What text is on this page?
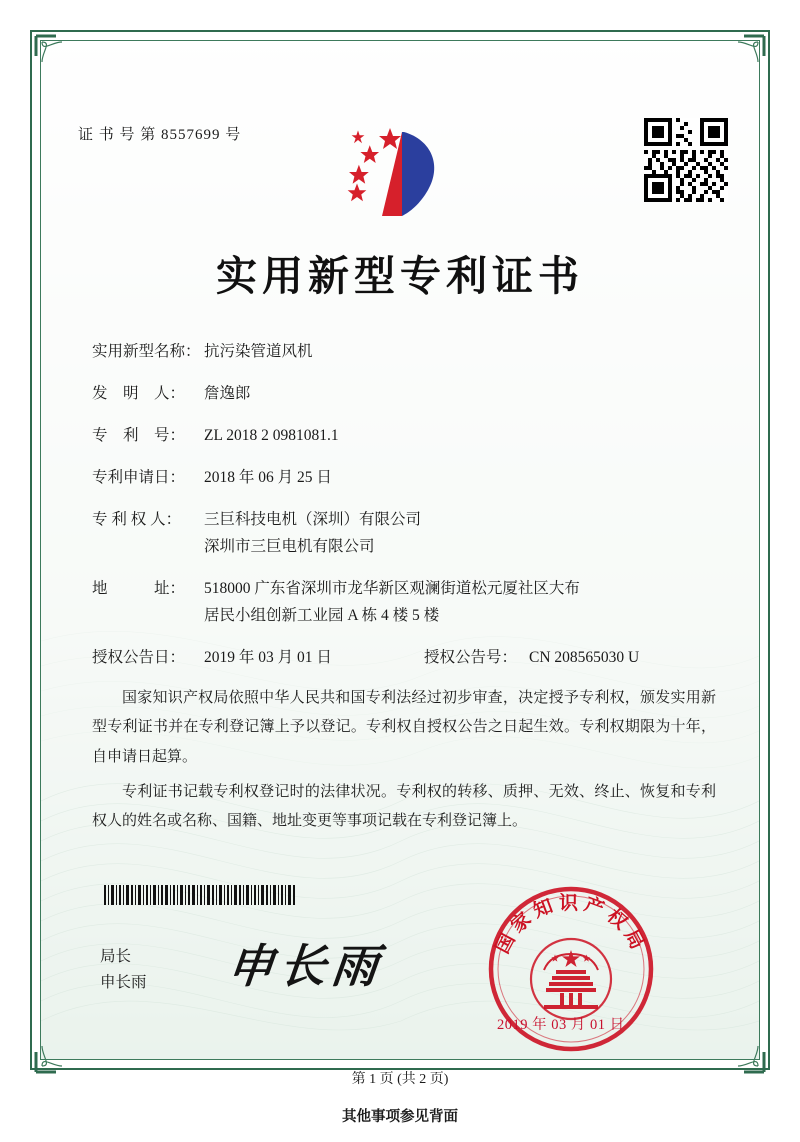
证 书 号 第 8557699 号
实用新型专利证书
实用新型名称： 抗污染管道风机
发　明　人：	詹逸郎
专　利　号：	ZL 2018 2 0981081.1
专利申请日：	2018 年 06 月 25 日
专 利 权 人：	三巨科技电机（深圳）有限公司
深圳市三巨电机有限公司
地　　　址：	518000 广东省深圳市龙华新区观澜街道松元厦社区大布
居民小组创新工业园 A 栋 4 楼 5 楼
授权公告日：	2019 年 03 月 01 日	授权公告号： CN 208565030 U

国家知识产权局依照中华人民共和国专利法经过初步审查，决定授予专利权，颁发实用新型专利证书并在专利登记簿上予以登记。专利权自授权公告之日起生效。专利权期限为十年，自申请日起算。

专利证书记载专利权登记时的法律状况。专利权的转移、质押、无效、终止、恢复和专利权人的姓名或名称、国籍、地址变更等事项记载在专利登记簿上。

局长
申长雨 申长雨	国家知识产权局
2019 年 03 月 01 日
第 1 页 (共 2 页)
其他事项参见背面
